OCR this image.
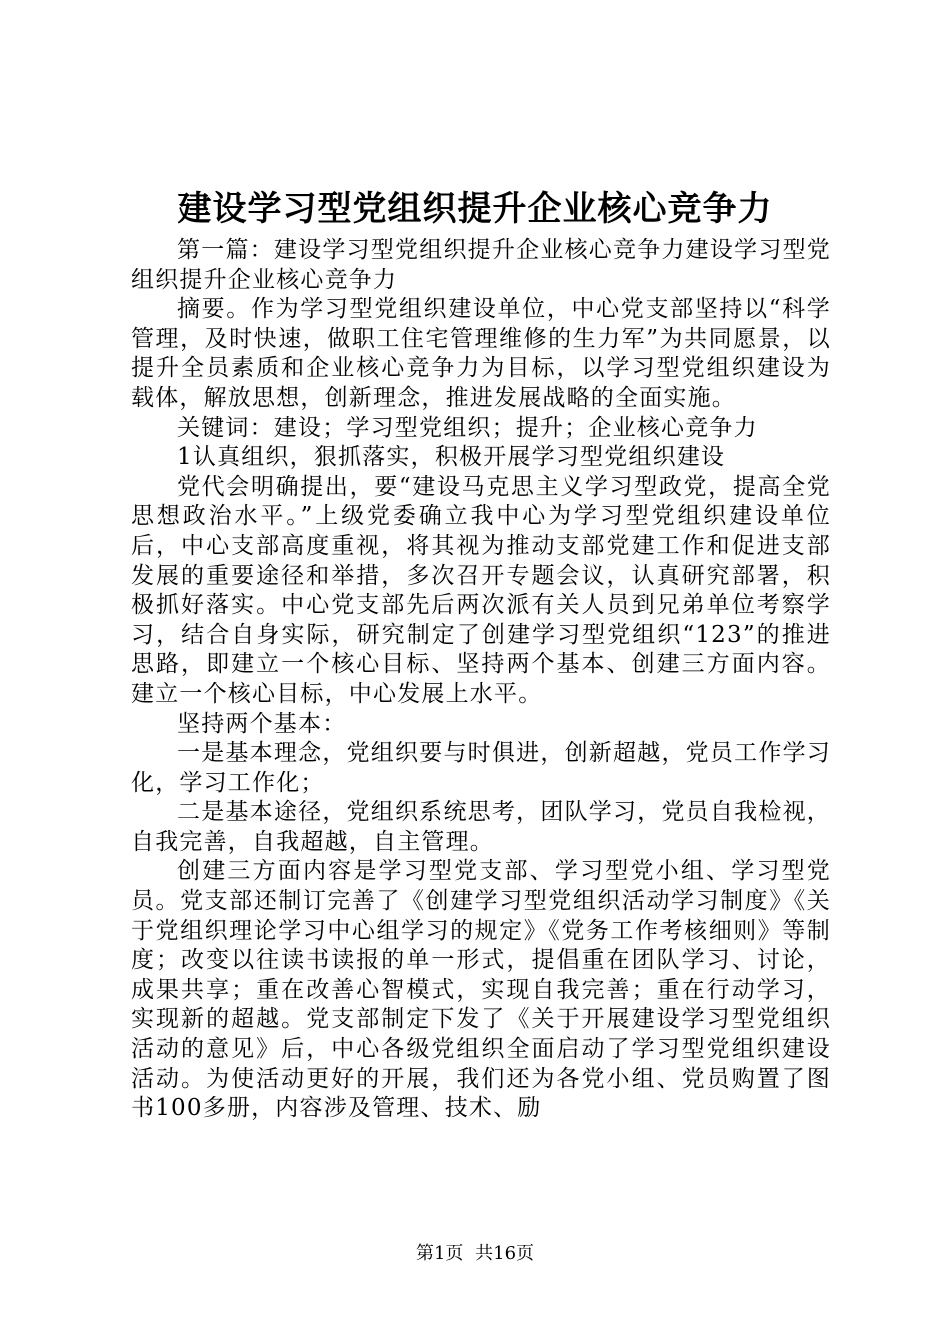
建设学习型党组织提升企业核心竞争力

第一篇：建设学习型党组织提升企业核心竞争力建设学习型党组织提升企业核心竞争力

摘要。作为学习型党组织建设单位，中心党支部坚持以“科学管理，及时快速，做职工住宅管理维修的生力军”为共同愿景，以提升全员素质和企业核心竞争力为目标，以学习型党组织建设为载体，解放思想，创新理念，推进发展战略的全面实施。

关键词：建设；学习型党组织；提升；企业核心竞争力

1认真组织，狠抓落实，积极开展学习型党组织建设

党代会明确提出，要“建设马克思主义学习型政党，提高全党思想政治水平。”上级党委确立我中心为学习型党组织建设单位后，中心支部高度重视，将其视为推动支部党建工作和促进支部发展的重要途径和举措，多次召开专题会议，认真研究部署，积极抓好落实。中心党支部先后两次派有关人员到兄弟单位考察学习，结合自身实际，研究制定了创建学习型党组织“123”的推进思路，即建立一个核心目标、坚持两个基本、创建三方面内容。建立一个核心目标，中心发展上水平。

坚持两个基本：

一是基本理念，党组织要与时俱进，创新超越，党员工作学习化，学习工作化；

二是基本途径，党组织系统思考，团队学习，党员自我检视，自我完善，自我超越，自主管理。

创建三方面内容是学习型党支部、学习型党小组、学习型党员。党支部还制订完善了《创建学习型党组织活动学习制度》《关于党组织理论学习中心组学习的规定》《党务工作考核细则》等制度；改变以往读书读报的单一形式，提倡重在团队学习、讨论，成果共享；重在改善心智模式，实现自我完善；重在行动学习，实现新的超越。党支部制定下发了《关于开展建设学习型党组织活动的意见》后，中心各级党组织全面启动了学习型党组织建设活动。为使活动更好的开展，我们还为各党小组、党员购置了图书100多册，内容涉及管理、技术、励

第1页 共16页
